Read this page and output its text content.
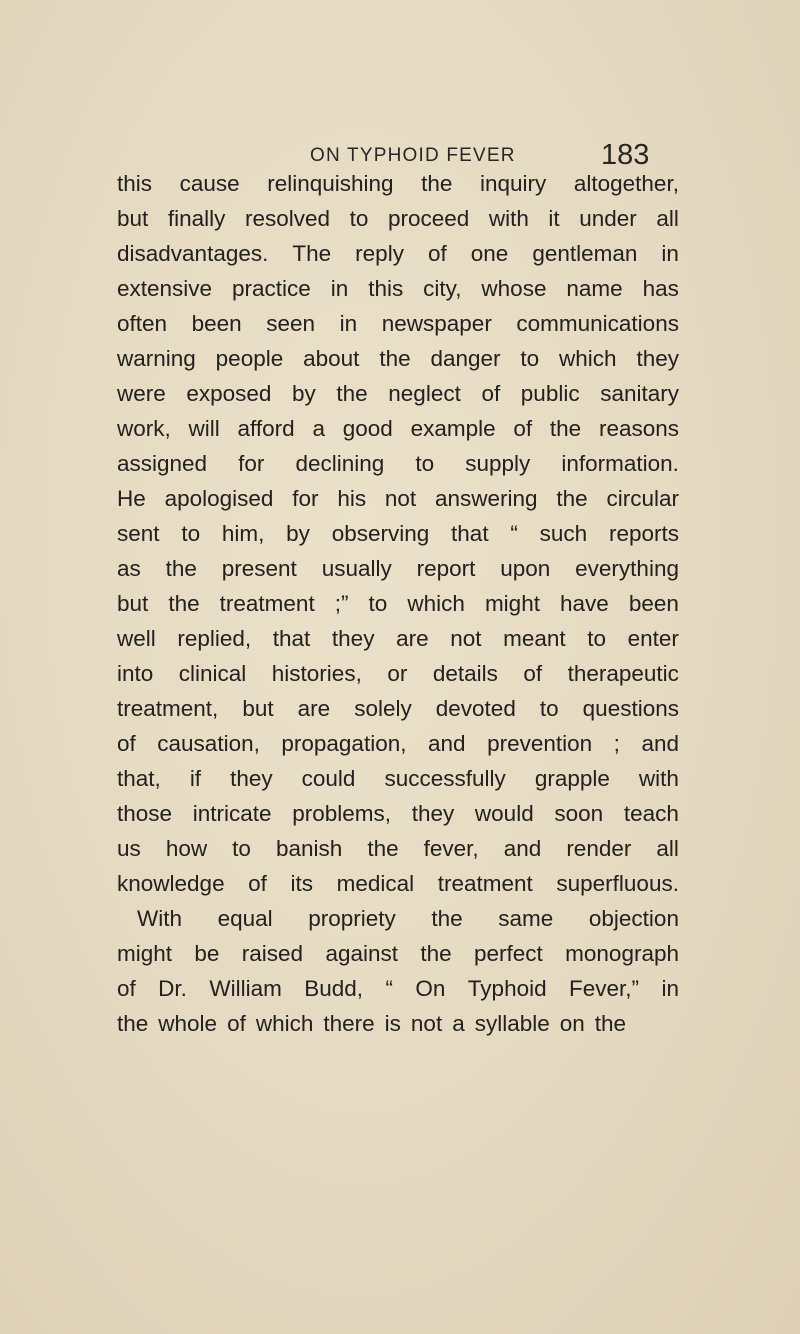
ON TYPHOID FEVER	183
this cause relinquishing the inquiry altogether,
but finally resolved to proceed with it under all
disadvantages. The reply of one gentleman in
extensive practice in this city, whose name has
often been seen in newspaper communications
warning people about the danger to which they
were exposed by the neglect of public sanitary
work, will afford a good example of the reasons
assigned for declining to supply information.
He apologised for his not answering the circular
sent to him, by observing that “ such reports
as the present usually report upon everything
but the treatment ;” to which might have been
well replied, that they are not meant to enter
into clinical histories, or details of therapeutic
treatment, but are solely devoted to questions
of causation, propagation, and prevention ; and
that, if they could successfully grapple with
those intricate problems, they would soon teach
us how to banish the fever, and render all
knowledge of its medical treatment superfluous.
With equal propriety the same objection
might be raised against the perfect monograph
of Dr. William Budd, “ On Typhoid Fever,” in
the whole of which there is not a syllable on the
